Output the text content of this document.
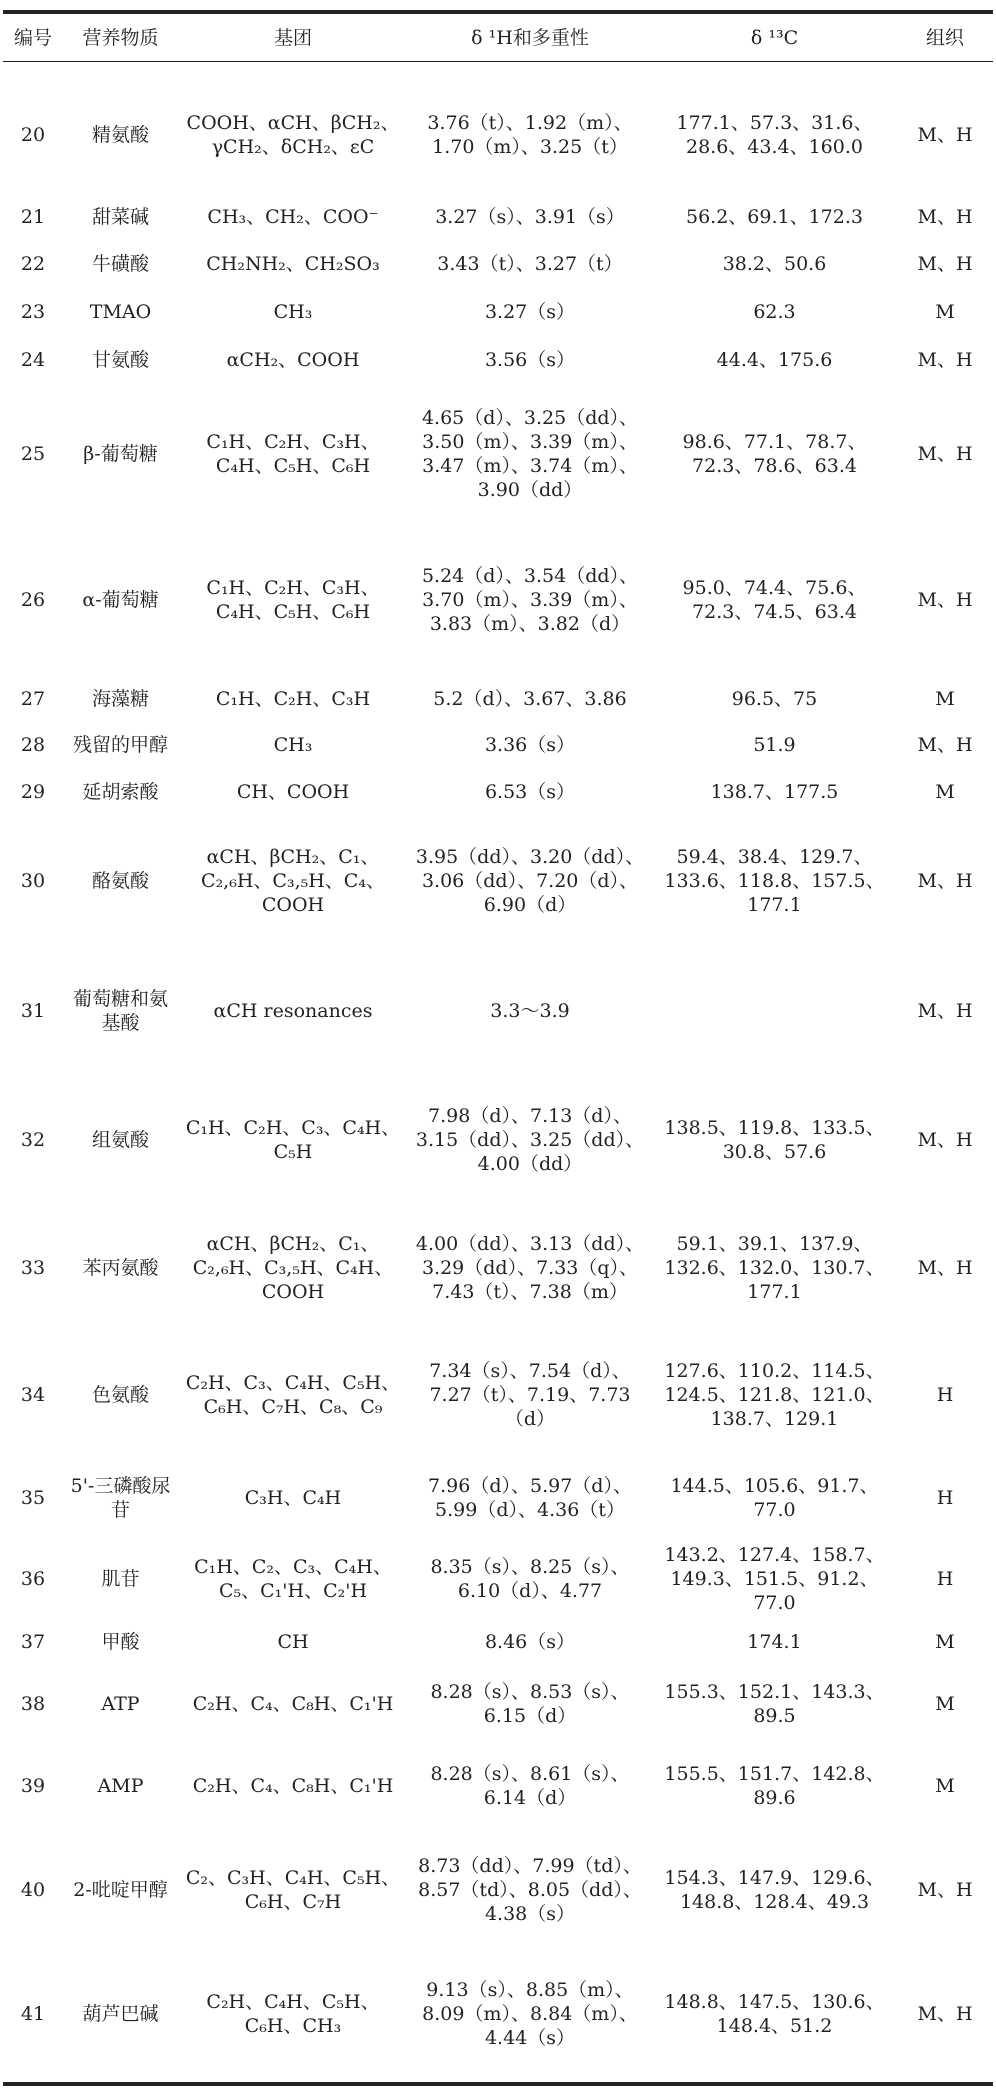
编号	营养物质	基团	δ ¹H和多重性	δ ¹³C	组织

20	精氨酸	COOH、αCH、βCH₂、γCH₂、δCH₂、εC	3.76（t）、1.92（m）、1.70（m）、3.25（t）	177.1、57.3、31.6、28.6、43.4、160.0	M、H
21	甜菜碱	CH₃、CH₂、COO⁻	3.27（s）、3.91（s）	56.2、69.1、172.3	M、H
22	牛磺酸	CH₂NH₂、CH₂SO₃	3.43（t）、3.27（t）	38.2、50.6	M、H
23	TMAO	CH₃	3.27（s）	62.3	M
24	甘氨酸	αCH₂、COOH	3.56（s）	44.4、175.6	M、H
25	β-葡萄糖	C₁H、C₂H、C₃H、C₄H、C₅H、C₆H	4.65（d）、3.25（dd）、3.50（m）、3.39（m）、3.47（m）、3.74（m）、3.90（dd）	98.6、77.1、78.7、72.3、78.6、63.4	M、H
26	α-葡萄糖	C₁H、C₂H、C₃H、C₄H、C₅H、C₆H	5.24（d）、3.54（dd）、3.70（m）、3.39（m）、3.83（m）、3.82（d）	95.0、74.4、75.6、72.3、74.5、63.4	M、H
27	海藻糖	C₁H、C₂H、C₃H	5.2（d）、3.67、3.86	96.5、75	M
28	残留的甲醇	CH₃	3.36（s）	51.9	M、H
29	延胡索酸	CH、COOH	6.53（s）	138.7、177.5	M
30	酪氨酸	αCH、βCH₂、C₁、C₂,₆H、C₃,₅H、C₄、COOH	3.95（dd）、3.20（dd）、3.06（dd）、7.20（d）、6.90（d）	59.4、38.4、129.7、133.6、118.8、157.5、177.1	M、H
31	葡萄糖和氨基酸	αCH resonances	3.3～3.9		M、H
32	组氨酸	C₁H、C₂H、C₃、C₄H、C₅H	7.98（d）、7.13（d）、3.15（dd）、3.25（dd）、4.00（dd）	138.5、119.8、133.5、30.8、57.6	M、H
33	苯丙氨酸	αCH、βCH₂、C₁、C₂,₆H、C₃,₅H、C₄H、COOH	4.00（dd）、3.13（dd）、3.29（dd）、7.33（q）、7.43（t）、7.38（m）	59.1、39.1、137.9、132.6、132.0、130.7、177.1	M、H
34	色氨酸	C₂H、C₃、C₄H、C₅H、C₆H、C₇H、C₈、C₉	7.34（s）、7.54（d）、7.27（t）、7.19、7.73（d）	127.6、110.2、114.5、124.5、121.8、121.0、138.7、129.1	H
35	5'-三磷酸尿苷	C₃H、C₄H	7.96（d）、5.97（d）、5.99（d）、4.36（t）	144.5、105.6、91.7、77.0	H
36	肌苷	C₁H、C₂、C₃、C₄H、C₅、C₁'H、C₂'H	8.35（s）、8.25（s）、6.10（d）、4.77	143.2、127.4、158.7、149.3、151.5、91.2、77.0	H
37	甲酸	CH	8.46（s）	174.1	M
38	ATP	C₂H、C₄、C₈H、C₁'H	8.28（s）、8.53（s）、6.15（d）	155.3、152.1、143.3、89.5	M
39	AMP	C₂H、C₄、C₈H、C₁'H	8.28（s）、8.61（s）、6.14（d）	155.5、151.7、142.8、89.6	M
40	2-吡啶甲醇	C₂、C₃H、C₄H、C₅H、C₆H、C₇H	8.73（dd）、7.99（td）、8.57（td）、8.05（dd）、4.38（s）	154.3、147.9、129.6、148.8、128.4、49.3	M、H
41	葫芦巴碱	C₂H、C₄H、C₅H、C₆H、CH₃	9.13（s）、8.85（m）、8.09（m）、8.84（m）、4.44（s）	148.8、147.5、130.6、148.4、51.2	M、H
